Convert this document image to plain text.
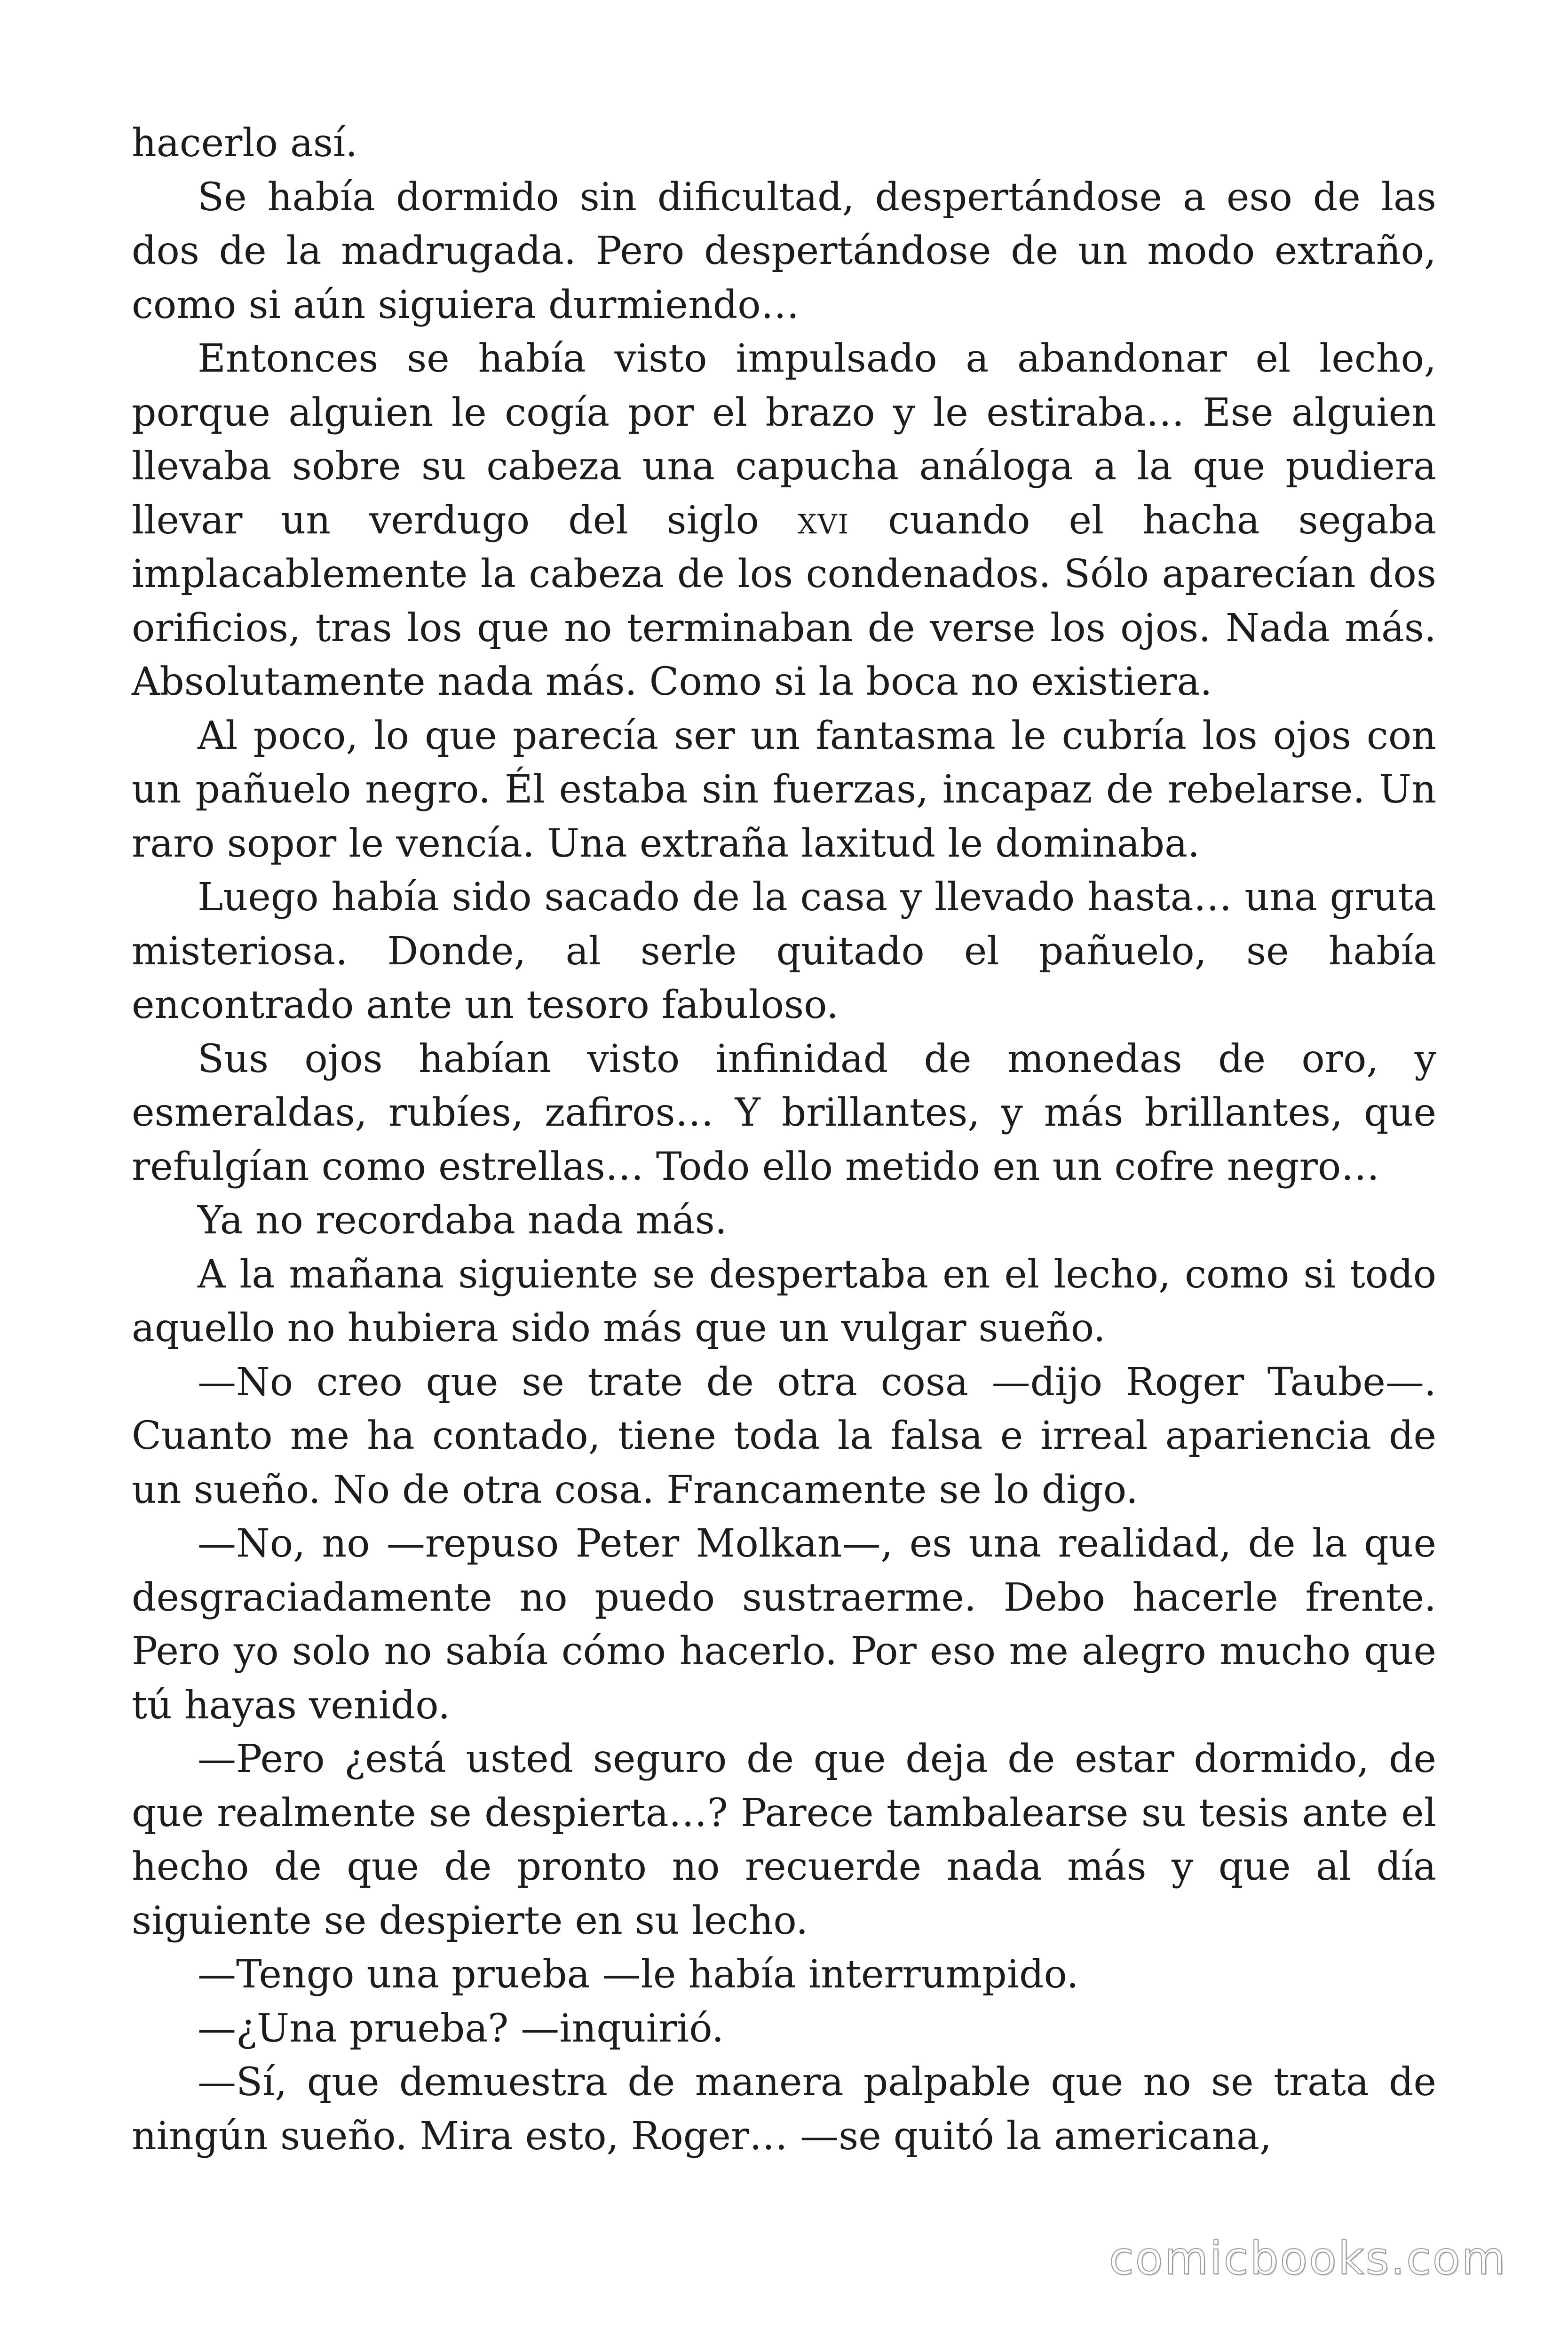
hacerlo así.

Se había dormido sin dificultad, despertándose a eso de las dos de la madrugada. Pero despertándose de un modo extraño, como si aún siguiera durmiendo…

Entonces se había visto impulsado a abandonar el lecho, porque alguien le cogía por el brazo y le estiraba… Ese alguien llevaba sobre su cabeza una capucha análoga a la que pudiera llevar un verdugo del siglo xvi cuando el hacha segaba implacablemente la cabeza de los condenados. Sólo aparecían dos orificios, tras los que no terminaban de verse los ojos. Nada más. Absolutamente nada más. Como si la boca no existiera.

Al poco, lo que parecía ser un fantasma le cubría los ojos con un pañuelo negro. Él estaba sin fuerzas, incapaz de rebelarse. Un raro sopor le vencía. Una extraña laxitud le dominaba.

Luego había sido sacado de la casa y llevado hasta… una gruta misteriosa. Donde, al serle quitado el pañuelo, se había encontrado ante un tesoro fabuloso.

Sus ojos habían visto infinidad de monedas de oro, y esmeraldas, rubíes, zafiros… Y brillantes, y más brillantes, que refulgían como estrellas… Todo ello metido en un cofre negro…

Ya no recordaba nada más.

A la mañana siguiente se despertaba en el lecho, como si todo aquello no hubiera sido más que un vulgar sueño.

—No creo que se trate de otra cosa —dijo Roger Taube—. Cuanto me ha contado, tiene toda la falsa e irreal apariencia de un sueño. No de otra cosa. Francamente se lo digo.

—No, no —repuso Peter Molkan—, es una realidad, de la que desgraciadamente no puedo sustraerme. Debo hacerle frente. Pero yo solo no sabía cómo hacerlo. Por eso me alegro mucho que tú hayas venido.

—Pero ¿está usted seguro de que deja de estar dormido, de que realmente se despierta…? Parece tambalearse su tesis ante el hecho de que de pronto no recuerde nada más y que al día siguiente se despierte en su lecho.

—Tengo una prueba —le había interrumpido.

—¿Una prueba? —inquirió.

—Sí, que demuestra de manera palpable que no se trata de ningún sueño. Mira esto, Roger… —se quitó la americana,

comicbooks.com
